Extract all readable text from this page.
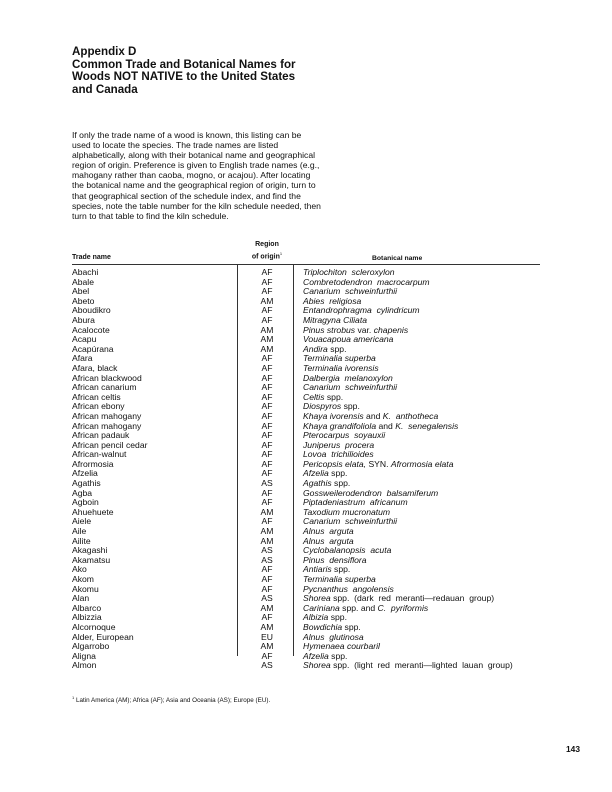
Appendix D
Common Trade and Botanical Names for
Woods NOT NATIVE to the United States
and Canada

If only the trade name of a wood is known, this listing can be used to locate the species. The trade names are listed alphabetically, along with their botanical name and geographical region of origin. Preference is given to English trade names (e.g., mahogany rather than caoba, mogno, or acajou). After locating the botanical name and the geographical region of origin, turn to that geographical section of the schedule index, and find the species, note the table number for the kiln schedule needed, then turn to that table to find the kiln schedule.

Trade name
Region
of origin$^1$
Botanical name
Abachi	AF	Triplochiton  scleroxylon
Abale	AF	Combretodendron  macrocarpum
Abel	AF	Canarium  schweinfurthii
Abeto	AM	Abies  religiosa
Aboudikro	AF	Entandrophragma  cylindricum
Abura	AF	Mitragyna Ciliata
Acalocote	AM	Pinus strobus var. chapenis
Acapu	AM	Vouacapoua americana
Acapúrana	AM	Andira spp.
Afara	AF	Terminalia superba
Afara, black	AF	Terminalia ivorensis
African blackwood	AF	Dalbergia  melanoxylon
African canarium	AF	Canarium  schweinfurthii
African celtis	AF	Celtis spp.
African ebony	AF	Diospyros spp.
African mahogany	AF	Khaya ivorensis and K.  anthotheca
African mahogany	AF	Khaya grandifoliola and K.  senegalensis
African padauk	AF	Pterocarpus  soyauxii
African pencil cedar	AF	Juniperus  procera
African-walnut	AF	Lovoa  trichilioides
Afrormosia	AF	Pericopsis elata, SYN. Afrormosia elata
Afzelia	AF	Afzelia spp.
Agathis	AS	Agathis spp.
Agba	AF	Gossweilerodendron  balsamiferum
Agboin	AF	Piptadeniastrum  africanum
Ahuehuete	AM	Taxodium mucronatum
Aiele	AF	Canarium  schweinfurthii
Aile	AM	Alnus  arguta
Ailite	AM	Alnus  arguta
Akagashi	AS	Cyclobalanopsis  acuta
Akamatsu	AS	Pinus  densiflora
Ako	AF	Antiaris spp.
Akom	AF	Terminalia superba
Akomu	AF	Pycnanthus  angolensis
Alan	AS	Shorea spp.  (dark  red  meranti—redauan  group)
Albarco	AM	Cariniana spp. and C.  pyriformis
Albizzia	AF	Albizia spp.
Alcornoque	AM	Bowdichia spp.
Alder, European	EU	Alnus  glutinosa
Algarrobo	AM	Hymenaea courbaril
Aligna	AF	Afzelia spp.
Almon	AS	Shorea spp.  (light  red  meranti—lighted  lauan  group)
$^1$ Latin America (AM); Africa (AF); Asia and Oceania (AS); Europe (EU).
143
